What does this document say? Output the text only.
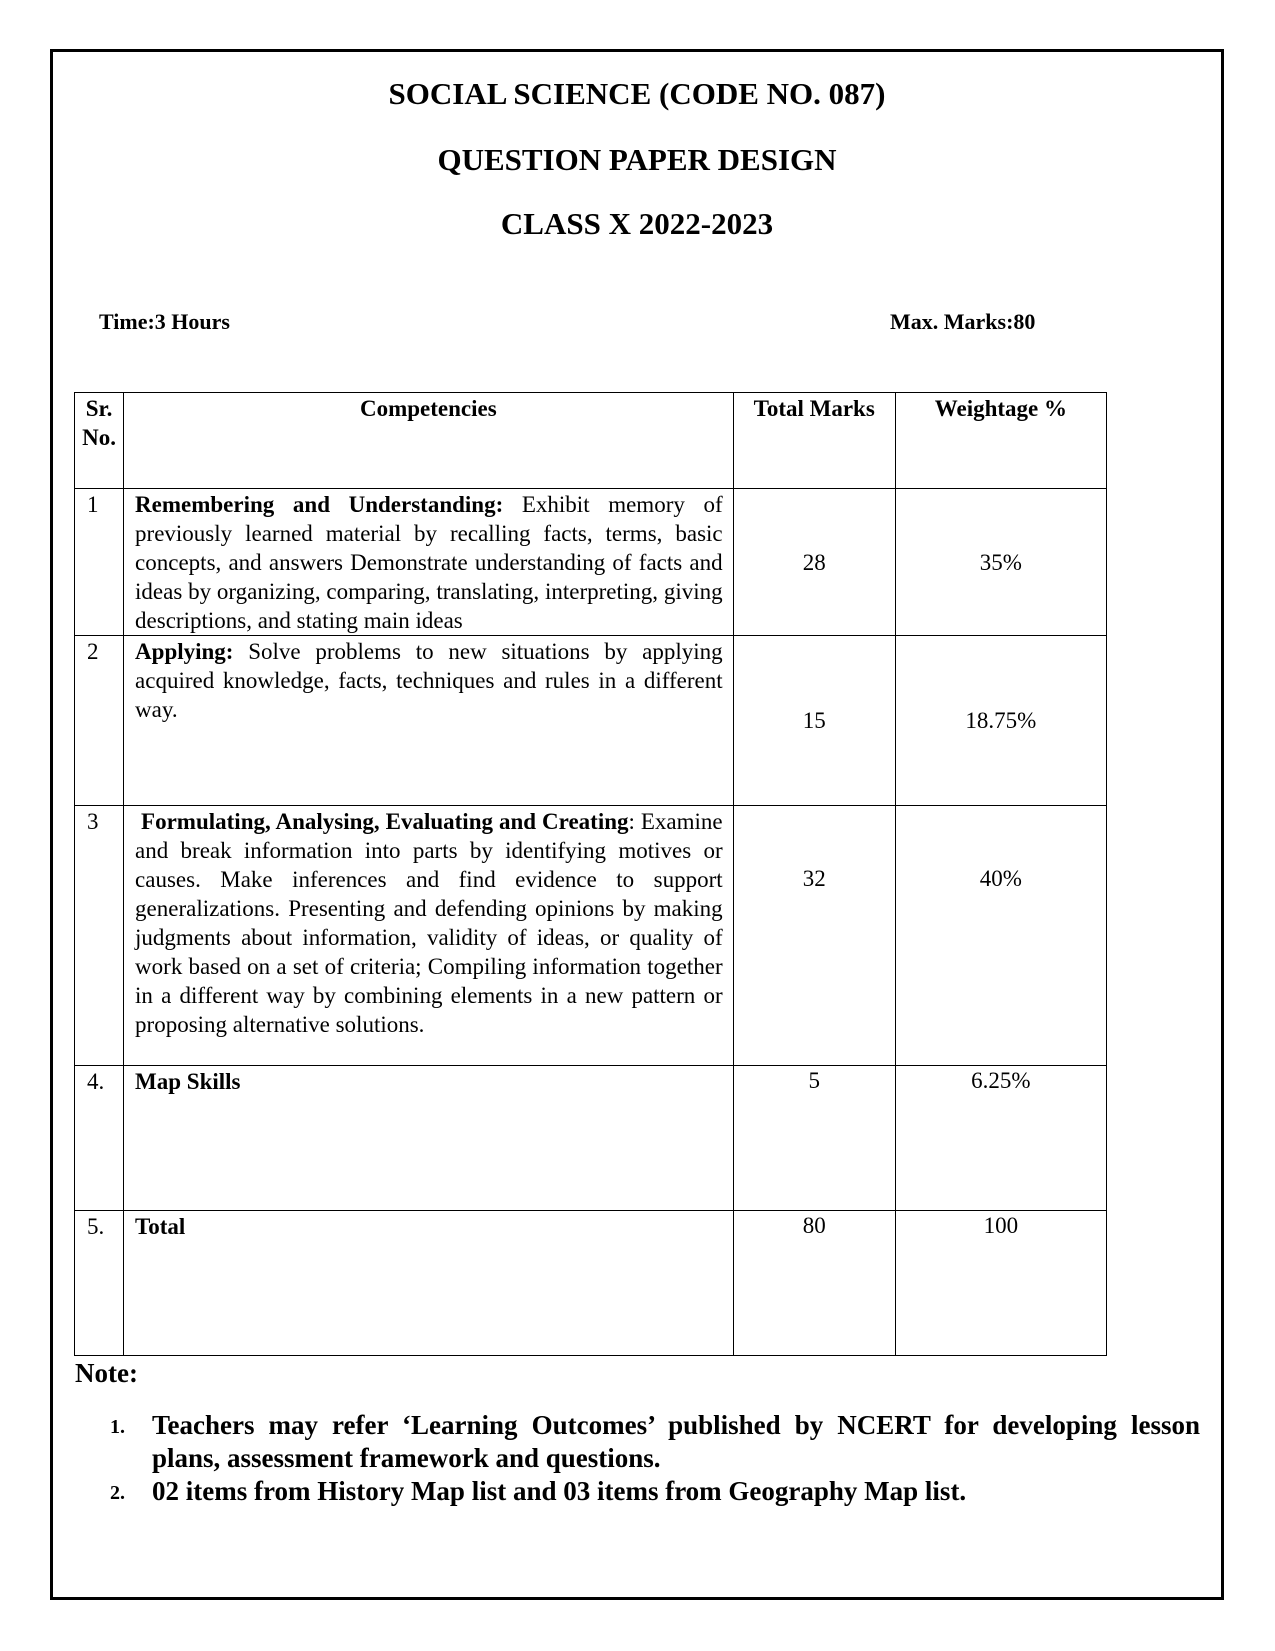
SOCIAL SCIENCE (CODE NO. 087)
QUESTION PAPER DESIGN
CLASS X 2022-2023
Time:3 Hours	Max. Marks:80
Sr. No.	Competencies	Total Marks	Weightage %
1	Remembering and Understanding: Exhibit memory of previously learned material by recalling facts, terms, basic concepts, and answers Demonstrate understanding of facts and ideas by organizing, comparing, translating, interpreting, giving descriptions, and stating main ideas	28	35%
2	Applying: Solve problems to new situations by applying acquired knowledge, facts, techniques and rules in a different way.	15	18.75%
3	Formulating, Analysing, Evaluating and Creating: Examine and break information into parts by identifying motives or causes. Make inferences and find evidence to support generalizations. Presenting and defending opinions by making judgments about information, validity of ideas, or quality of work based on a set of criteria; Compiling information together in a different way by combining elements in a new pattern or proposing alternative solutions.	32	40%
4.	Map Skills	5	6.25%
5.	Total	80	100
Note:
1. Teachers may refer ‘Learning Outcomes’ published by NCERT for developing lesson plans, assessment framework and questions.
2. 02 items from History Map list and 03 items from Geography Map list.
